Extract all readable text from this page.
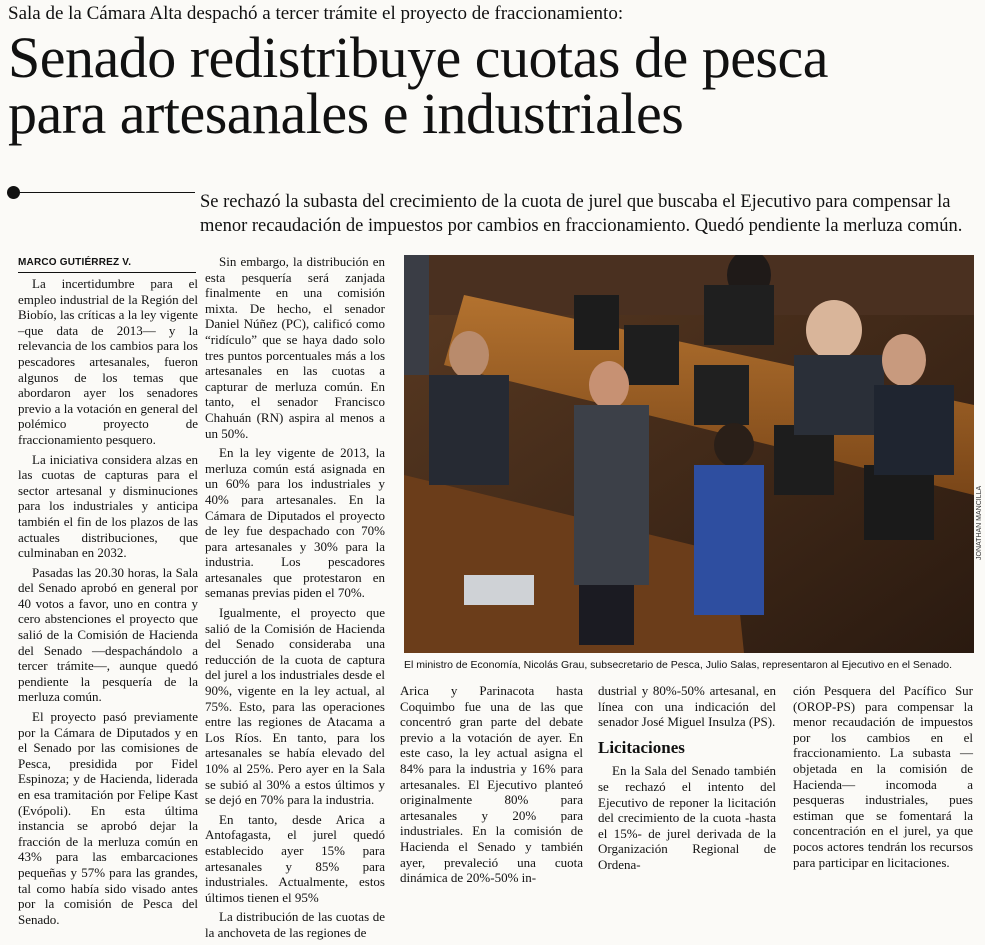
Sala de la Cámara Alta despachó a tercer trámite el proyecto de fraccionamiento:
Senado redistribuye cuotas de pesca
para artesanales e industriales
Se rechazó la subasta del crecimiento de la cuota de jurel que buscaba el Ejecutivo para compensar la menor recaudación de impuestos por cambios en fraccionamiento. Quedó pendiente la merluza común.
MARCO GUTIÉRREZ V.

La incertidumbre para el empleo industrial de la Región del Biobío, las críticas a la ley vigente –que data de 2013— y la relevancia de los cambios para los pescadores artesanales, fueron algunos de los temas que abordaron ayer los senadores previo a la votación en general del polémico proyecto de fraccionamiento pesquero.

La iniciativa considera alzas en las cuotas de capturas para el sector artesanal y disminuciones para los industriales y anticipa también el fin de los plazos de las actuales distribuciones, que culminaban en 2032.

Pasadas las 20.30 horas, la Sala del Senado aprobó en general por 40 votos a favor, uno en contra y cero abstenciones el proyecto que salió de la Comisión de Hacienda del Senado —despachándolo a tercer trámite—, aunque quedó pendiente la pesquería de la merluza común.

El proyecto pasó previamente por la Cámara de Diputados y en el Senado por las comisiones de Pesca, presidida por Fidel Espinoza; y de Hacienda, liderada en esa tramitación por Felipe Kast (Evópoli). En esta última instancia se aprobó dejar la fracción de la merluza común en 43% para las embarcaciones pequeñas y 57% para las grandes, tal como había sido visado antes por la comisión de Pesca del Senado.

Sin embargo, la distribución en esta pesquería será zanjada finalmente en una comisión mixta. De hecho, el senador Daniel Núñez (PC), calificó como “ridículo” que se haya dado solo tres puntos porcentuales más a los artesanales en las cuotas a capturar de merluza común. En tanto, el senador Francisco Chahuán (RN) aspira al menos a un 50%.

En la ley vigente de 2013, la merluza común está asignada en un 60% para los industriales y 40% para artesanales. En la Cámara de Diputados el proyecto de ley fue despachado con 70% para artesanales y 30% para la industria. Los pescadores artesanales que protestaron en semanas previas piden el 70%.

Igualmente, el proyecto que salió de la Comisión de Hacienda del Senado consideraba una reducción de la cuota de captura del jurel a los industriales desde el 90%, vigente en la ley actual, al 75%. Esto, para las operaciones entre las regiones de Atacama a Los Ríos. En tanto, para los artesanales se había elevado del 10% al 25%. Pero ayer en la Sala se subió al 30% a estos últimos y se dejó en 70% para la industria.

En tanto, desde Arica a Antofagasta, el jurel quedó establecido ayer 15% para artesanales y 85% para industriales. Actualmente, estos últimos tienen el 95%

La distribución de las cuotas de la anchoveta de las regiones de

JONATHAN MANCILLA
El ministro de Economía, Nicolás Grau, subsecretario de Pesca, Julio Salas, representaron al Ejecutivo en el Senado.

Arica y Parinacota hasta Coquimbo fue una de las que concentró gran parte del debate previo a la votación de ayer. En este caso, la ley actual asigna el 84% para la industria y 16% para artesanales. El Ejecutivo planteó originalmente 80% para artesanales y 20% para industriales. En la comisión de Hacienda el Senado y también ayer, prevaleció una cuota dinámica de 20%-50% in-

dustrial y 80%-50% artesanal, en línea con una indicación del senador José Miguel Insulza (PS).

Licitaciones

En la Sala del Senado también se rechazó el intento del Ejecutivo de reponer la licitación del crecimiento de la cuota -hasta el 15%- de jurel derivada de la Organización Regional de Ordena-

ción Pesquera del Pacífico Sur (OROP-PS) para compensar la menor recaudación de impuestos por los cambios en el fraccionamiento. La subasta —objetada en la comisión de Hacienda— incomoda a pesqueras industriales, pues estiman que se fomentará la concentración en el jurel, ya que pocos actores tendrán los recursos para participar en licitaciones.
